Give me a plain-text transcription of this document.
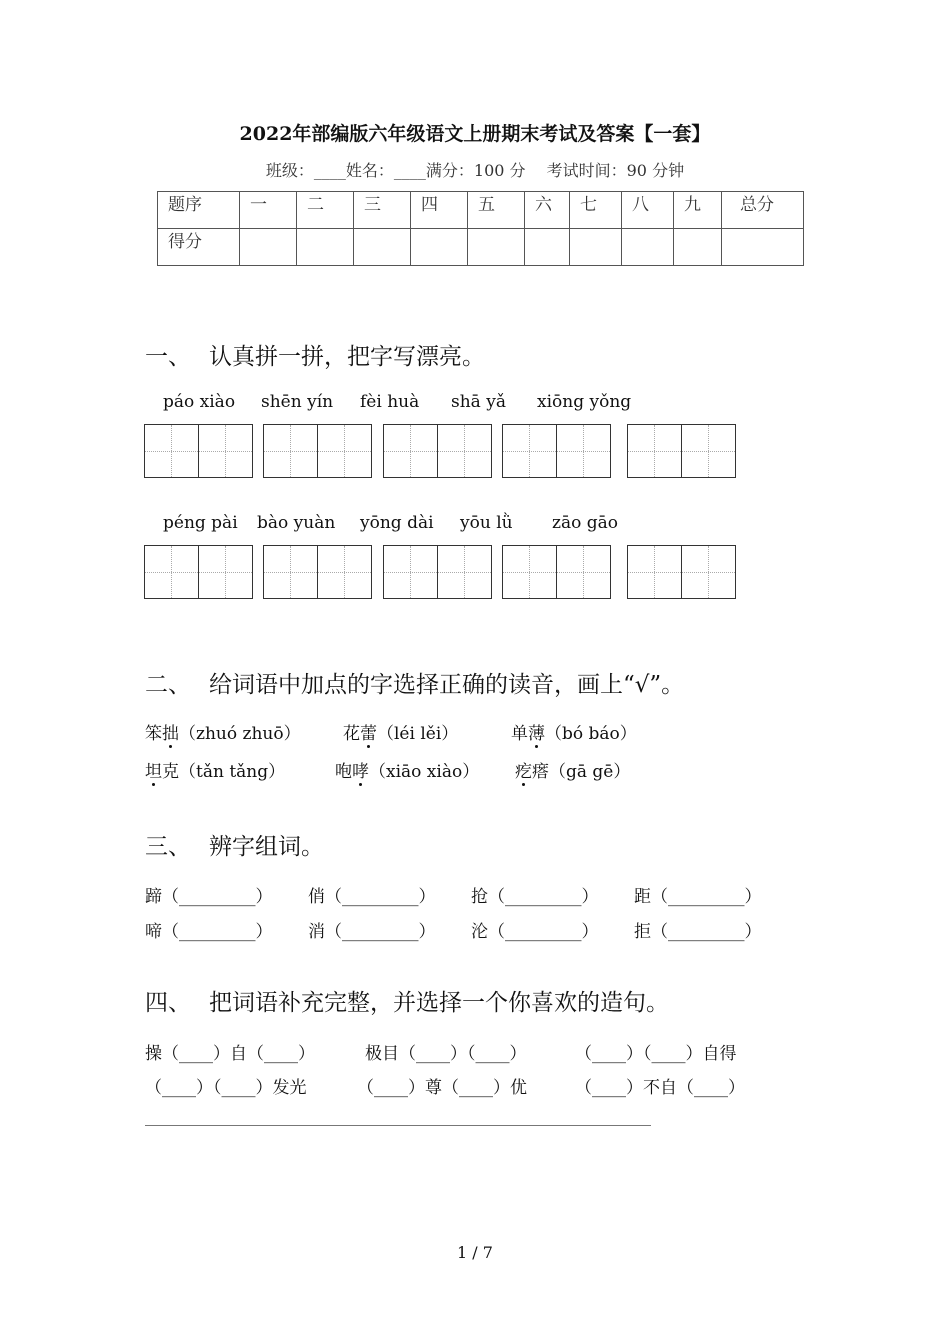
2022年部编版六年级语文上册期末考试及答案【一套】
班级：____姓名：____满分：100 分　 考试时间：90 分钟
题序	一	二	三	四	五	六	七	八	九	总分
得分										
一、 认真拼一拼，把字写漂亮。
páo xiào shēn yín fèi huà shā yǎ xiōng yǒng
péng pài bào yuàn yōng dài yōu lǜ zāo gāo
二、 给词语中加点的字选择正确的读音，画上“√”。
笨拙（zhuó zhuō） 花蕾（léi lěi）	单薄（bó báo）
坦克（tǎn tǎng）	咆哮（xiāo xiào） 疙瘩（gā gē）
三、 辨字组词。
蹄（_________） 俏（_________） 抢（_________） 距（_________）
啼（_________） 消（_________） 沦（_________） 拒（_________）
四、 把词语补充完整，并选择一个你喜欢的造句。
操（____）自（____）	极目（____）（____）	（____）（____）自得
（____）（____）发光	（____）尊（____）优	（____）不自（____）
1 / 7
